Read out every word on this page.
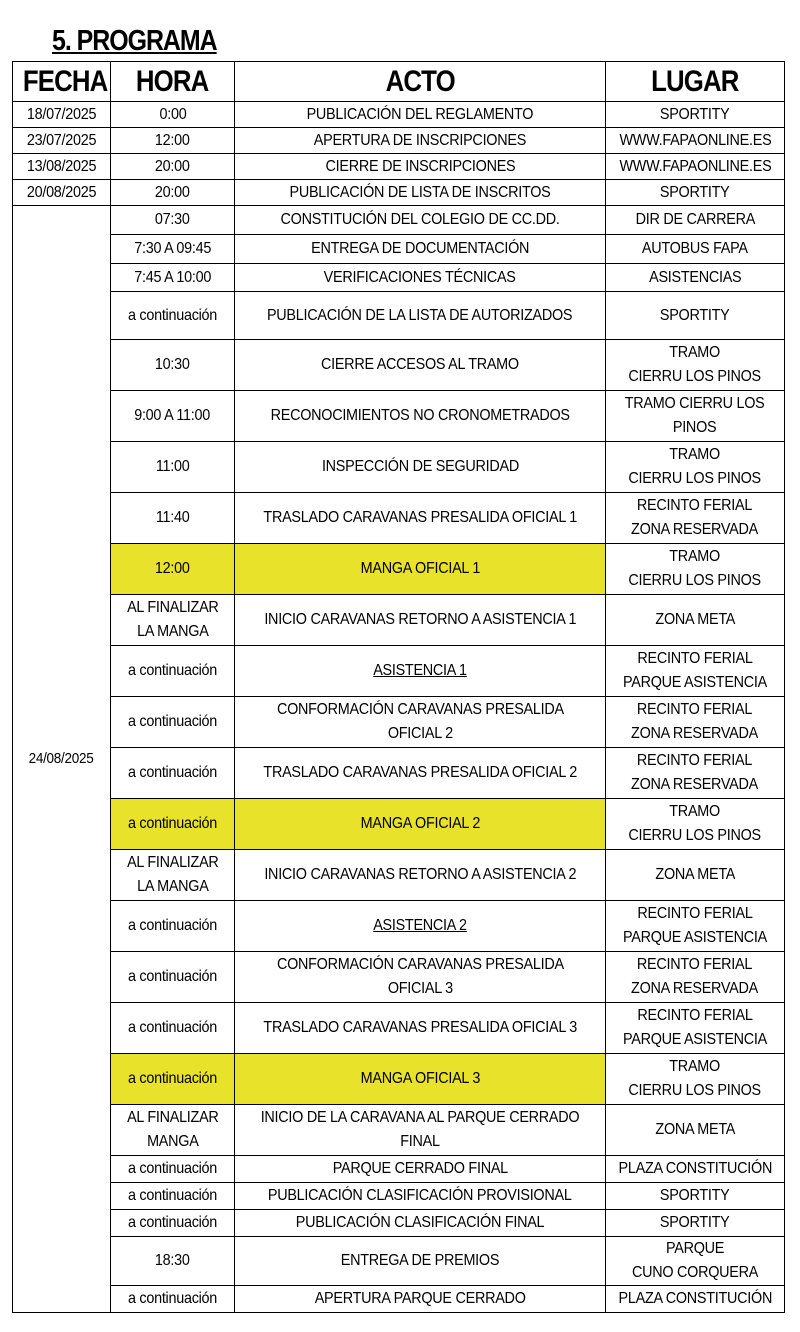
5. PROGRAMA
FECHA	HORA	ACTO	LUGAR
18/07/2025	0:00	PUBLICACIÓN DEL REGLAMENTO	SPORTITY
23/07/2025	12:00	APERTURA DE INSCRIPCIONES	WWW.FAPAONLINE.ES
13/08/2025	20:00	CIERRE DE INSCRIPCIONES	WWW.FAPAONLINE.ES
20/08/2025	20:00	PUBLICACIÓN DE LISTA DE INSCRITOS	SPORTITY
24/08/2025	07:30	CONSTITUCIÓN DEL COLEGIO DE CC.DD.	DIR DE CARRERA
	7:30 A 09:45	ENTREGA DE DOCUMENTACIÓN	AUTOBUS FAPA
	7:45 A 10:00	VERIFICACIONES TÉCNICAS	ASISTENCIAS
	a continuación	PUBLICACIÓN DE LA LISTA DE AUTORIZADOS	SPORTITY
	10:30	CIERRE ACCESOS AL TRAMO	TRAMO
CIERRU LOS PINOS
	9:00 A 11:00	RECONOCIMIENTOS NO CRONOMETRADOS	TRAMO CIERRU LOS
PINOS
	11:00	INSPECCIÓN DE SEGURIDAD	TRAMO
CIERRU LOS PINOS
	11:40	TRASLADO CARAVANAS PRESALIDA OFICIAL 1	RECINTO FERIAL
ZONA RESERVADA
	12:00	MANGA OFICIAL 1	TRAMO
CIERRU LOS PINOS
	AL FINALIZAR
LA MANGA	INICIO CARAVANAS RETORNO A ASISTENCIA 1	ZONA META
	a continuación	ASISTENCIA 1	RECINTO FERIAL
PARQUE ASISTENCIA
	a continuación	CONFORMACIÓN CARAVANAS PRESALIDA
OFICIAL 2	RECINTO FERIAL
ZONA RESERVADA
	a continuación	TRASLADO CARAVANAS PRESALIDA OFICIAL 2	RECINTO FERIAL
ZONA RESERVADA
	a continuación	MANGA OFICIAL 2	TRAMO
CIERRU LOS PINOS
	AL FINALIZAR
LA MANGA	INICIO CARAVANAS RETORNO A ASISTENCIA 2	ZONA META
	a continuación	ASISTENCIA 2	RECINTO FERIAL
PARQUE ASISTENCIA
	a continuación	CONFORMACIÓN CARAVANAS PRESALIDA
OFICIAL 3	RECINTO FERIAL
ZONA RESERVADA
	a continuación	TRASLADO CARAVANAS PRESALIDA OFICIAL 3	RECINTO FERIAL
PARQUE ASISTENCIA
	a continuación	MANGA OFICIAL 3	TRAMO
CIERRU LOS PINOS
	AL FINALIZAR
MANGA	INICIO DE LA CARAVANA AL PARQUE CERRADO
FINAL	ZONA META
	a continuación	PARQUE CERRADO FINAL	PLAZA CONSTITUCIÓN
	a continuación	PUBLICACIÓN CLASIFICACIÓN PROVISIONAL	SPORTITY
	a continuación	PUBLICACIÓN CLASIFICACIÓN FINAL	SPORTITY
	18:30	ENTREGA DE PREMIOS	PARQUE
CUNO CORQUERA
	a continuación	APERTURA PARQUE CERRADO	PLAZA CONSTITUCIÓN
